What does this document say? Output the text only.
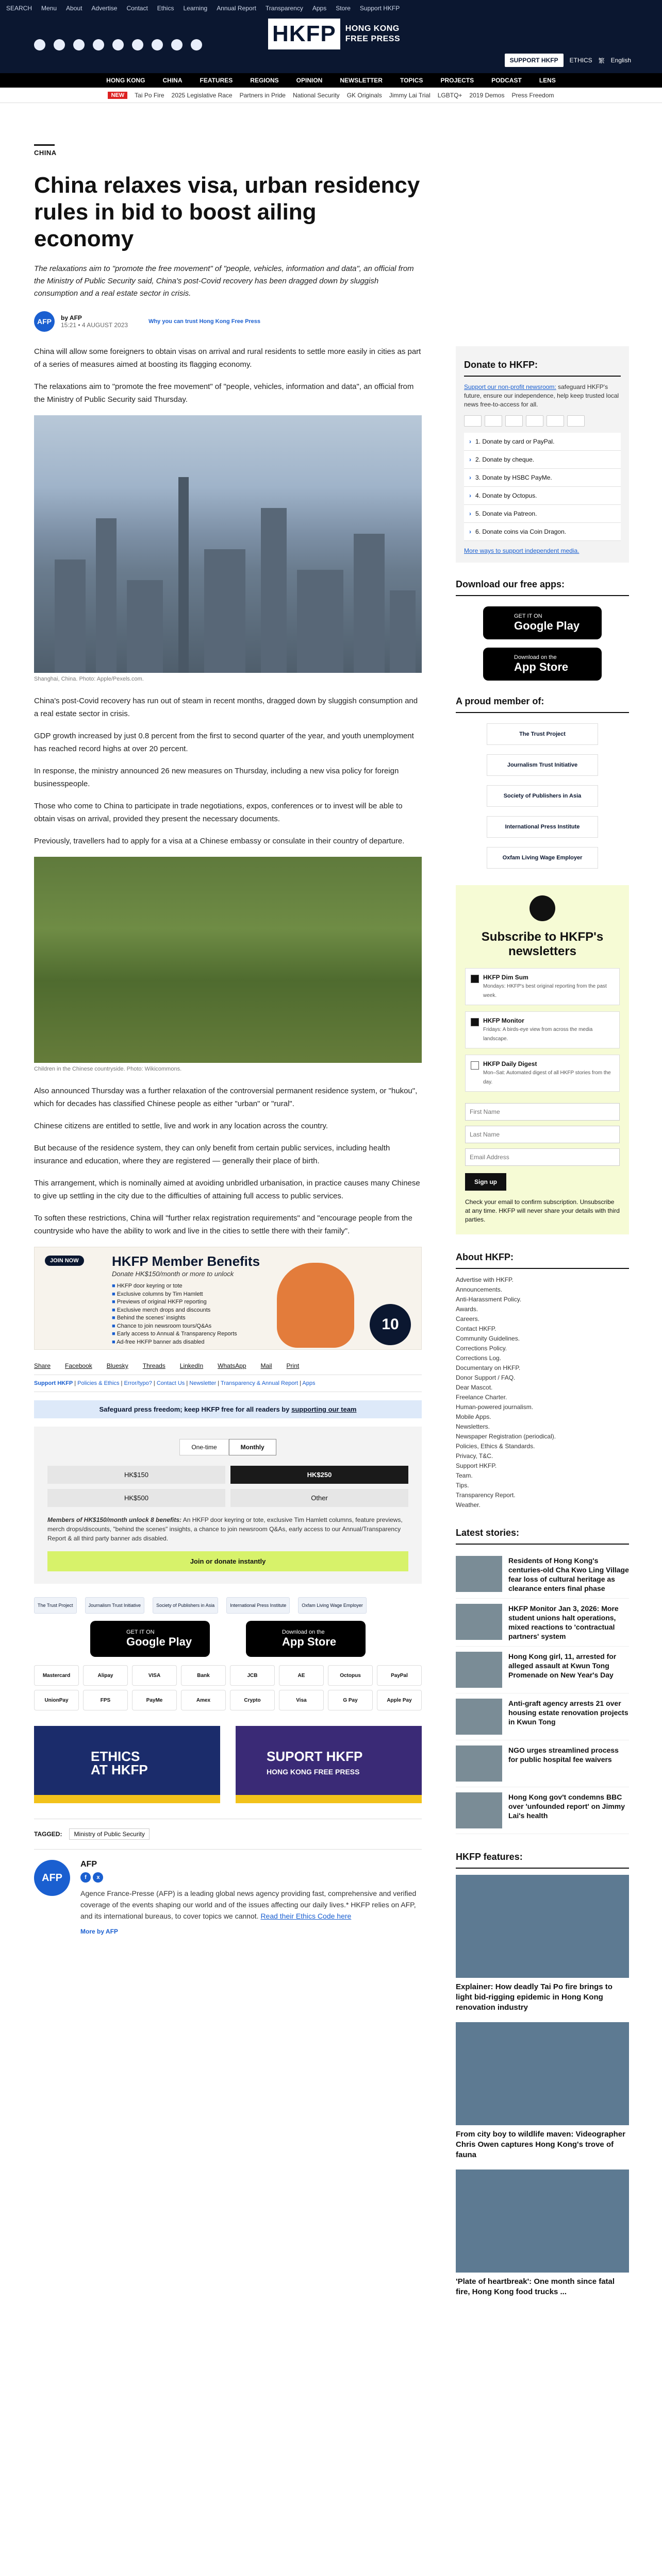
SEARCH Menu About Advertise Contact Ethics Learning Annual Report Transparency Apps Store Support HKFP
HKFP	HONG KONG FREE PRESS
SUPPORT HKFP	ETHICS 繁 English
HONG KONG	CHINA	FEATURES	REGIONS	OPINION	NEWSLETTER	TOPICS	PROJECTS	PODCAST	LENS
NEW	Tai Po Fire 2025 Legislative Race Partners in Pride National Security GK Originals Jimmy Lai Trial LGBTQ+ 2019 Demos Press Freedom
CHINA
China relaxes visa, urban residency rules in bid to boost ailing economy

The relaxations aim to "promote the free movement" of "people, vehicles, information and data", an official from the Ministry of Public Security said, China's post-Covid recovery has been dragged down by sluggish consumption and a real estate sector in crisis.

AFP	by AFP
15:21 • 4 AUGUST 2023	Why you can trust Hong Kong Free Press

China will allow some foreigners to obtain visas on arrival and rural residents to settle more easily in cities as part of a series of measures aimed at boosting its flagging economy.

The relaxations aim to "promote the free movement" of "people, vehicles, information and data", an official from the Ministry of Public Security said Thursday.

Shanghai, China. Photo: Apple/Pexels.com.

China's post-Covid recovery has run out of steam in recent months, dragged down by sluggish consumption and a real estate sector in crisis.

GDP growth increased by just 0.8 percent from the first to second quarter of the year, and youth unemployment has reached record highs at over 20 percent.

In response, the ministry announced 26 new measures on Thursday, including a new visa policy for foreign businesspeople.

Those who come to China to participate in trade negotiations, expos, conferences or to invest will be able to obtain visas on arrival, provided they present the necessary documents.

Previously, travellers had to apply for a visa at a Chinese embassy or consulate in their country of departure.

Children in the Chinese countryside. Photo: Wikicommons.

Also announced Thursday was a further relaxation of the controversial permanent residence system, or "hukou", which for decades has classified Chinese people as either "urban" or "rural".

Chinese citizens are entitled to settle, live and work in any location across the country.

But because of the residence system, they can only benefit from certain public services, including health insurance and education, where they are registered — generally their place of birth.

This arrangement, which is nominally aimed at avoiding unbridled urbanisation, in practice causes many Chinese to give up settling in the city due to the difficulties of attaining full access to public services.

To soften these restrictions, China will "further relax registration requirements" and "encourage people from the countryside who have the ability to work and live in the cities to settle there with their family".

JOIN NOW	HKFP Member Benefits
Donate HK$150/month or more to unlock
■ HKFP door keyring or tote
■ Exclusive columns by Tim Hamlett
■ Previews of original HKFP reporting
■ Exclusive merch drops and discounts
■ Behind the scenes' insights
■ Chance to join newsroom tours/Q&As
■ Early access to Annual & Transparency Reports
■ Ad-free HKFP banner ads disabled
10
Share Facebook Bluesky Threads LinkedIn WhatsApp Mail Print
Support HKFP | Policies & Ethics | Error/typo? | Contact Us | Newsletter | Transparency & Annual Report | Apps
Safeguard press freedom; keep HKFP free for all readers by supporting our team
One-time	Monthly
HK$150	HK$250
HK$500	Other

Members of HK$150/month unlock 8 benefits: An HKFP door keyring or tote, exclusive Tim Hamlett columns, feature previews, merch drops/discounts, "behind the scenes" insights, a chance to join newsroom Q&As, early access to our Annual/Transparency Report & all third party banner ads disabled.

Join or donate instantly
The Trust Project	Journalism Trust Initiative	Society of Publishers in Asia	International Press Institute	Oxfam Living Wage Employer
GET IT ON
Google Play
Download on the
App Store
Mastercard	Alipay	VISA	Bank	JCB	AE	Octopus	PayPal
UnionPay	FPS	PayMe	Amex	Crypto	Visa	G Pay	Apple Pay
ETHICS
AT HKFP
SUPORT HKFP
HONG KONG FREE PRESS
TAGGED:	Ministry of Public Security
AFP
AFP
f x

Agence France-Presse (AFP) is a leading global news agency providing fast, comprehensive and verified coverage of the events shaping our world and of the issues affecting our daily lives.* HKFP relies on AFP, and its international bureaus, to cover topics we cannot. Read their Ethics Code here

More by AFP
Donate to HKFP:

Support our non-profit newsroom: safeguard HKFP's future, ensure our independence, help keep trusted local news free-to-access for all.

› 1. Donate by card or PayPal.
› 2. Donate by cheque.
› 3. Donate by HSBC PayMe.
› 4. Donate by Octopus.
› 5. Donate via Patreon.
› 6. Donate coins via Coin Dragon.
More ways to support independent media.
Download our free apps:
GET IT ON
Google Play
Download on the
App Store
A proud member of:
The Trust Project
Journalism Trust Initiative
Society of Publishers in Asia
International Press Institute
Oxfam Living Wage Employer
Subscribe to HKFP's newsletters
HKFP Dim Sum
Mondays: HKFP's best original reporting from the past week.
HKFP Monitor
Fridays: A birds-eye view from across the media landscape.
HKFP Daily Digest
Mon–Sat: Automated digest of all HKFP stories from the day.
First Name Last Name Email Address
Sign up

Check your email to confirm subscription. Unsubscribe at any time. HKFP will never share your details with third parties.

About HKFP:
Advertise with HKFP.
Announcements.
Anti-Harassment Policy.
Awards.
Careers.
Contact HKFP.
Community Guidelines.
Corrections Policy.
Corrections Log.
Documentary on HKFP.
Donor Support / FAQ.
Dear Mascot.
Freelance Charter.
Human-powered journalism.
Mobile Apps.
Newsletters.
Newspaper Registration (periodical).
Policies, Ethics & Standards.
Privacy, T&C.
Support HKFP.
Team.
Tips.
Transparency Report.
Weather.
Latest stories:
Residents of Hong Kong's centuries-old Cha Kwo Ling Village fear loss of cultural heritage as clearance enters final phase
HKFP Monitor Jan 3, 2026: More student unions halt operations, mixed reactions to 'contractual partners' system
Hong Kong girl, 11, arrested for alleged assault at Kwun Tong Promenade on New Year's Day
Anti-graft agency arrests 21 over housing estate renovation projects in Kwun Tong
NGO urges streamlined process for public hospital fee waivers
Hong Kong gov't condemns BBC over 'unfounded report' on Jimmy Lai's health
HKFP features:
Explainer: How deadly Tai Po fire brings to light bid-rigging epidemic in Hong Kong renovation industry
From city boy to wildlife maven: Videographer Chris Owen captures Hong Kong's trove of fauna
'Plate of heartbreak': One month since fatal fire, Hong Kong food trucks ...
